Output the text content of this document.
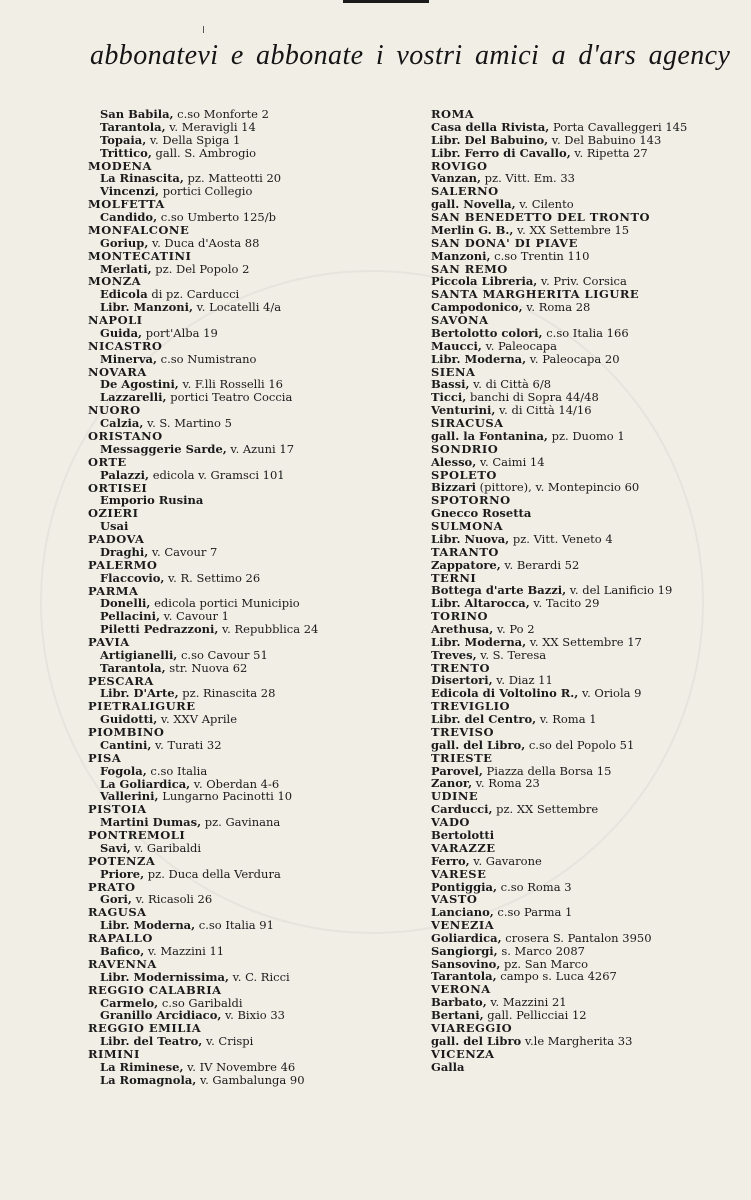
abbonatevi e abbonate i vostri amici a d'ars agency
San Babila, c.so Monforte 2
Tarantola, v. Meravigli 14
Topaia, v. Della Spiga 1
Trittico, gall. S. Ambrogio
MODENA
La Rinascita, pz. Matteotti 20
Vincenzi, portici Collegio
MOLFETTA
Candido, c.so Umberto 125/b
MONFALCONE
Goriup, v. Duca d'Aosta 88
MONTECATINI
Merlati, pz. Del Popolo 2
MONZA
Edicola di pz. Carducci
Libr. Manzoni, v. Locatelli 4/a
NAPOLI
Guida, port'Alba 19
NICASTRO
Minerva, c.so Numistrano
NOVARA
De Agostini, v. F.lli Rosselli 16
Lazzarelli, portici Teatro Coccia
NUORO
Calzia, v. S. Martino 5
ORISTANO
Messaggerie Sarde, v. Azuni 17
ORTE
Palazzi, edicola v. Gramsci 101
ORTISEI
Emporio Rusina
OZIERI
Usai
PADOVA
Draghi, v. Cavour 7
PALERMO
Flaccovio, v. R. Settimo 26
PARMA
Donelli, edicola portici Municipio
Pellacini, v. Cavour 1
Piletti Pedrazzoni, v. Repubblica 24
PAVIA
Artigianelli, c.so Cavour 51
Tarantola, str. Nuova 62
PESCARA
Libr. D'Arte, pz. Rinascita 28
PIETRALIGURE
Guidotti, v. XXV Aprile
PIOMBINO
Cantini, v. Turati 32
PISA
Fogola, c.so Italia
La Goliardica, v. Oberdan 4-6
Vallerini, Lungarno Pacinotti 10
PISTOIA
Martini Dumas, pz. Gavinana
PONTREMOLI
Savi, v. Garibaldi
POTENZA
Priore, pz. Duca della Verdura
PRATO
Gori, v. Ricasoli 26
RAGUSA
Libr. Moderna, c.so Italia 91
RAPALLO
Bafico, v. Mazzini 11
RAVENNA
Libr. Modernissima, v. C. Ricci
REGGIO CALABRIA
Carmelo, c.so Garibaldi
Granillo Arcidiaco, v. Bixio 33
REGGIO EMILIA
Libr. del Teatro, v. Crispi
RIMINI
La Riminese, v. IV Novembre 46
La Romagnola, v. Gambalunga 90
ROMA
Casa della Rivista, Porta Cavalleggeri 145
Libr. Del Babuino, v. Del Babuino 143
Libr. Ferro di Cavallo, v. Ripetta 27
ROVIGO
Vanzan, pz. Vitt. Em. 33
SALERNO
gall. Novella, v. Cilento
SAN BENEDETTO DEL TRONTO
Merlin G. B., v. XX Settembre 15
SAN DONA' DI PIAVE
Manzoni, c.so Trentin 110
SAN REMO
Piccola Libreria, v. Priv. Corsica
SANTA MARGHERITA LIGURE
Campodonico, v. Roma 28
SAVONA
Bertolotto colori, c.so Italia 166
Maucci, v. Paleocapa
Libr. Moderna, v. Paleocapa 20
SIENA
Bassi, v. di Città 6/8
Ticci, banchi di Sopra 44/48
Venturini, v. di Città 14/16
SIRACUSA
gall. la Fontanina, pz. Duomo 1
SONDRIO
Alesso, v. Caimi 14
SPOLETO
Bizzari (pittore), v. Montepincio 60
SPOTORNO
Gnecco Rosetta
SULMONA
Libr. Nuova, pz. Vitt. Veneto 4
TARANTO
Zappatore, v. Berardi 52
TERNI
Bottega d'arte Bazzi, v. del Lanificio 19
Libr. Altarocca, v. Tacito 29
TORINO
Arethusa, v. Po 2
Libr. Moderna, v. XX Settembre 17
Treves, v. S. Teresa
TRENTO
Disertori, v. Diaz 11
Edicola di Voltolino R., v. Oriola 9
TREVIGLIO
Libr. del Centro, v. Roma 1
TREVISO
gall. del Libro, c.so del Popolo 51
TRIESTE
Parovel, Piazza della Borsa 15
Zanor, v. Roma 23
UDINE
Carducci, pz. XX Settembre
VADO
Bertolotti
VARAZZE
Ferro, v. Gavarone
VARESE
Pontiggia, c.so Roma 3
VASTO
Lanciano, c.so Parma 1
VENEZIA
Goliardica, crosera S. Pantalon 3950
Sangiorgi, s. Marco 2087
Sansovino, pz. San Marco
Tarantola, campo s. Luca 4267
VERONA
Barbato, v. Mazzini 21
Bertani, gall. Pellicciai 12
VIAREGGIO
gall. del Libro v.le Margherita 33
VICENZA
Galla
